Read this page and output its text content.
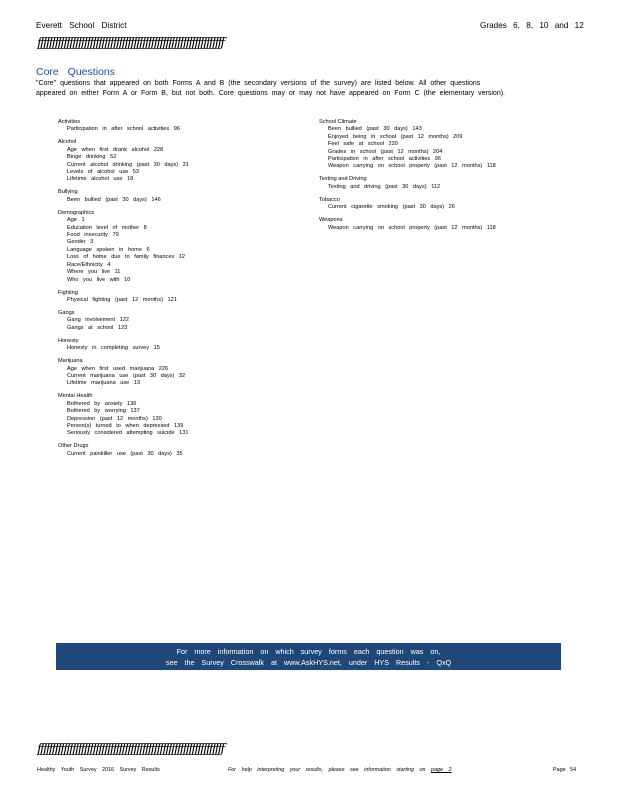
Everett School District	Grades 6, 8, 10 and 12
ƒƒƒƒƒƒƒƒƒƒƒƒƒƒƒƒƒƒƒƒƒƒƒƒƒƒƒƒƒƒƒƒƒƒƒƒƒƒƒƒƒƒƒƒƒƒƒƒƒƒƒƒƒƒƒƒƒƒƒƒƒƒƒƒ
Core Questions

"Core" questions that appeared on both Forms A and B (the secondary versions of the survey) are listed below. All other questions

appeared on either Form A or Form B, but not both. Core questions may or may not have appeared on Form C (the elementary version).

Activities
Participation in after school activities 96
Alcohol
Age when first drank alcohol 228
Binge drinking 52
Current alcohol drinking (past 30 days) 31
Levels of alcohol use 53
Lifetime alcohol use 18
Bullying
Been bullied (past 30 days) 146
Demographics
Age 1
Education level of mother 8
Food insecurity 79
Gender 3
Language spoken in home 6
Loss of home due to family finances 12
Race/Ethnicity 4
Where you live 11
Who you live with 10
Fighting
Physical fighting (past 12 months) 121
Gangs
Gang involvement 122
Gangs at school 123
Honesty
Honesty in completing survey 15
Marijuana
Age when first used marijuana 226
Current marijuana use (past 30 days) 32
Lifetime marijuana use 19
Mental Health
Bothered by anxiety 136
Bothered by worrying 137
Depression (past 12 months) 130
Person(s) turned to when depressed 139
Seriously considered attempting suicide 131
Other Drugs
Current painkiller use (past 30 days) 35
School Climate
Been bullied (past 30 days) 143
Enjoyed being in school (past 12 months) 209
Feel safe at school 220
Grades in school (past 12 months) 204
Participation in after school activities 96
Weapon carrying on school property (past 12 months) 118
Texting and Driving
Texting and driving (past 30 days) 112
Tobacco
Current cigarette smoking (past 30 days) 26
Weapons
Weapon carrying on school property (past 12 months) 118
For more information on which survey forms each question was on,
see the Survey Crosswalk at www.AskHYS.net, under HYS Results - QxQ
ƒƒƒƒƒƒƒƒƒƒƒƒƒƒƒƒƒƒƒƒƒƒƒƒƒƒƒƒƒƒƒƒƒƒƒƒƒƒƒƒƒƒƒƒƒƒƒƒƒƒƒƒƒƒƒƒƒƒƒƒƒƒƒƒ
Healthy Youth Survey 2016 Survey Results	For help interpreting your results, please see information starting on page 2	Page 54
